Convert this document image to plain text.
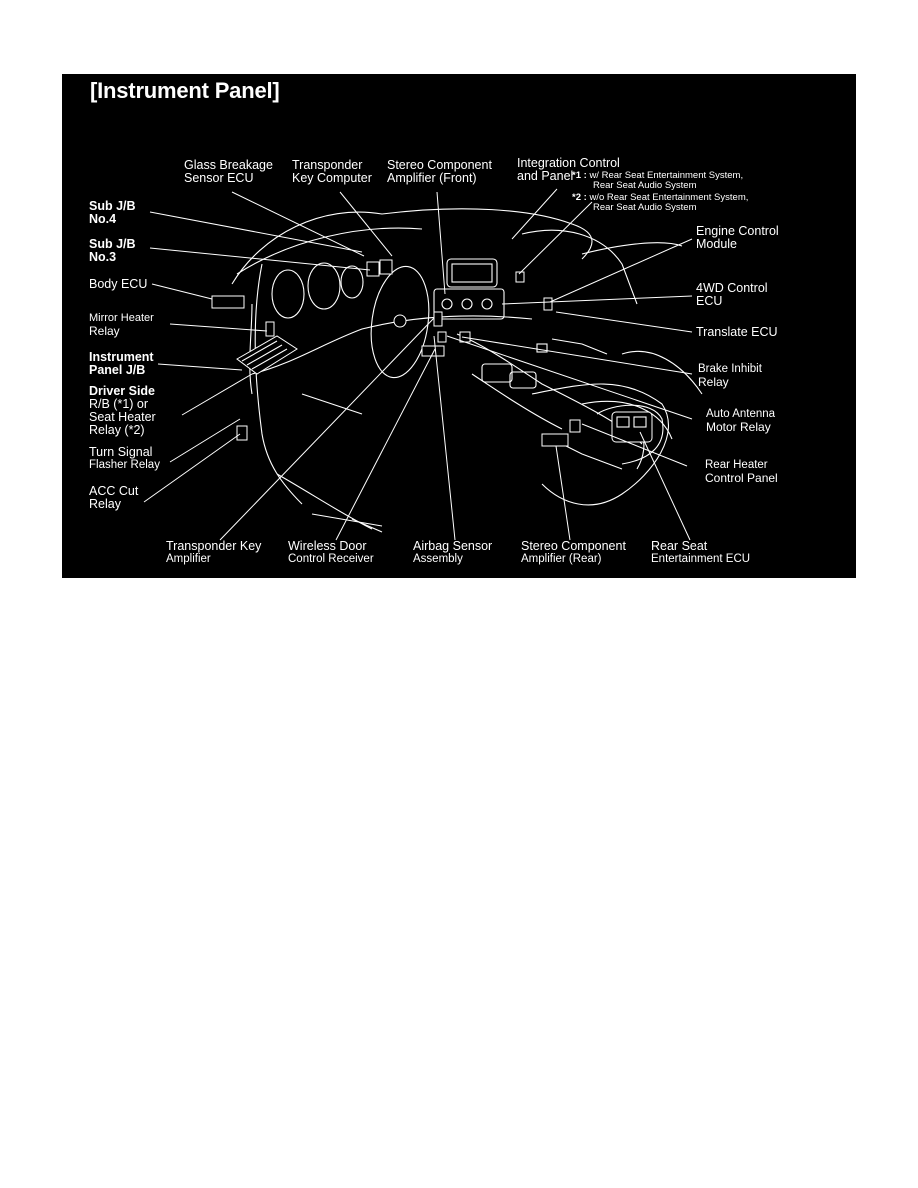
[Instrument Panel]
*1 : w/ Rear Seat Entertainment System,
Rear Seat Audio System
*2 : w/o Rear Seat Entertainment System,
Rear Seat Audio System
Glass Breakage
Sensor ECU
Transponder
Key Computer
Stereo Component
Amplifier (Front)
Integration Control
and Panel
Sub J/B
No.4
Sub J/B
No.3
Body ECU
Mirror Heater
Relay
Instrument
Panel J/B
Driver Side
R/B (*1) or
Seat Heater
Relay (*2)
Turn Signal
Flasher Relay
ACC Cut
Relay
Engine Control
Module
4WD Control
ECU
Translate ECU
Brake Inhibit
Relay
Auto Antenna
Motor Relay
Rear Heater
Control Panel
Transponder Key
Amplifier
Wireless Door
Control Receiver
Airbag Sensor
Assembly
Stereo Component
Amplifier (Rear)
Rear Seat
Entertainment ECU
